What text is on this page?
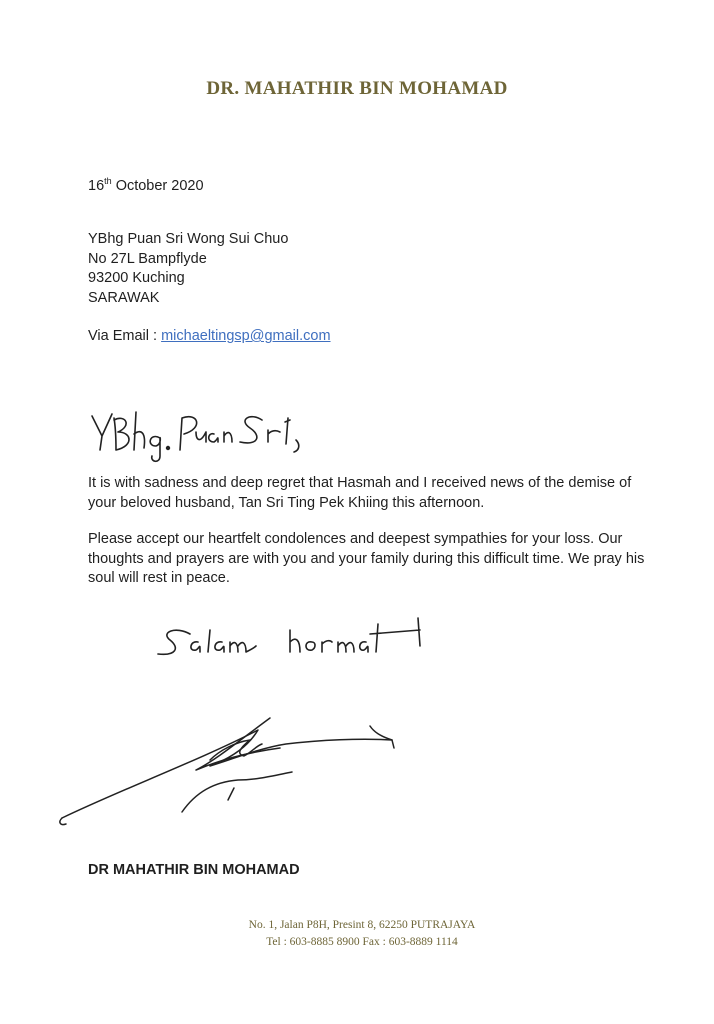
DR. MAHATHIR BIN MOHAMAD
16th October 2020
YBhg Puan Sri Wong Sui Chuo
No 27L Bampflyde
93200 Kuching
SARAWAK
Via Email : michaeltingsp@gmail.com
It is with sadness and deep regret that Hasmah and I received news of the demise of your beloved husband, Tan Sri Ting Pek Khiing this afternoon.
Please accept our heartfelt condolences and deepest sympathies for your loss. Our thoughts and prayers are with you and your family during this difficult time. We pray his soul will rest in peace.
DR MAHATHIR BIN MOHAMAD
No. 1, Jalan P8H, Presint 8, 62250 PUTRAJAYA
Tel : 603-8885 8900 Fax : 603-8889 1114
